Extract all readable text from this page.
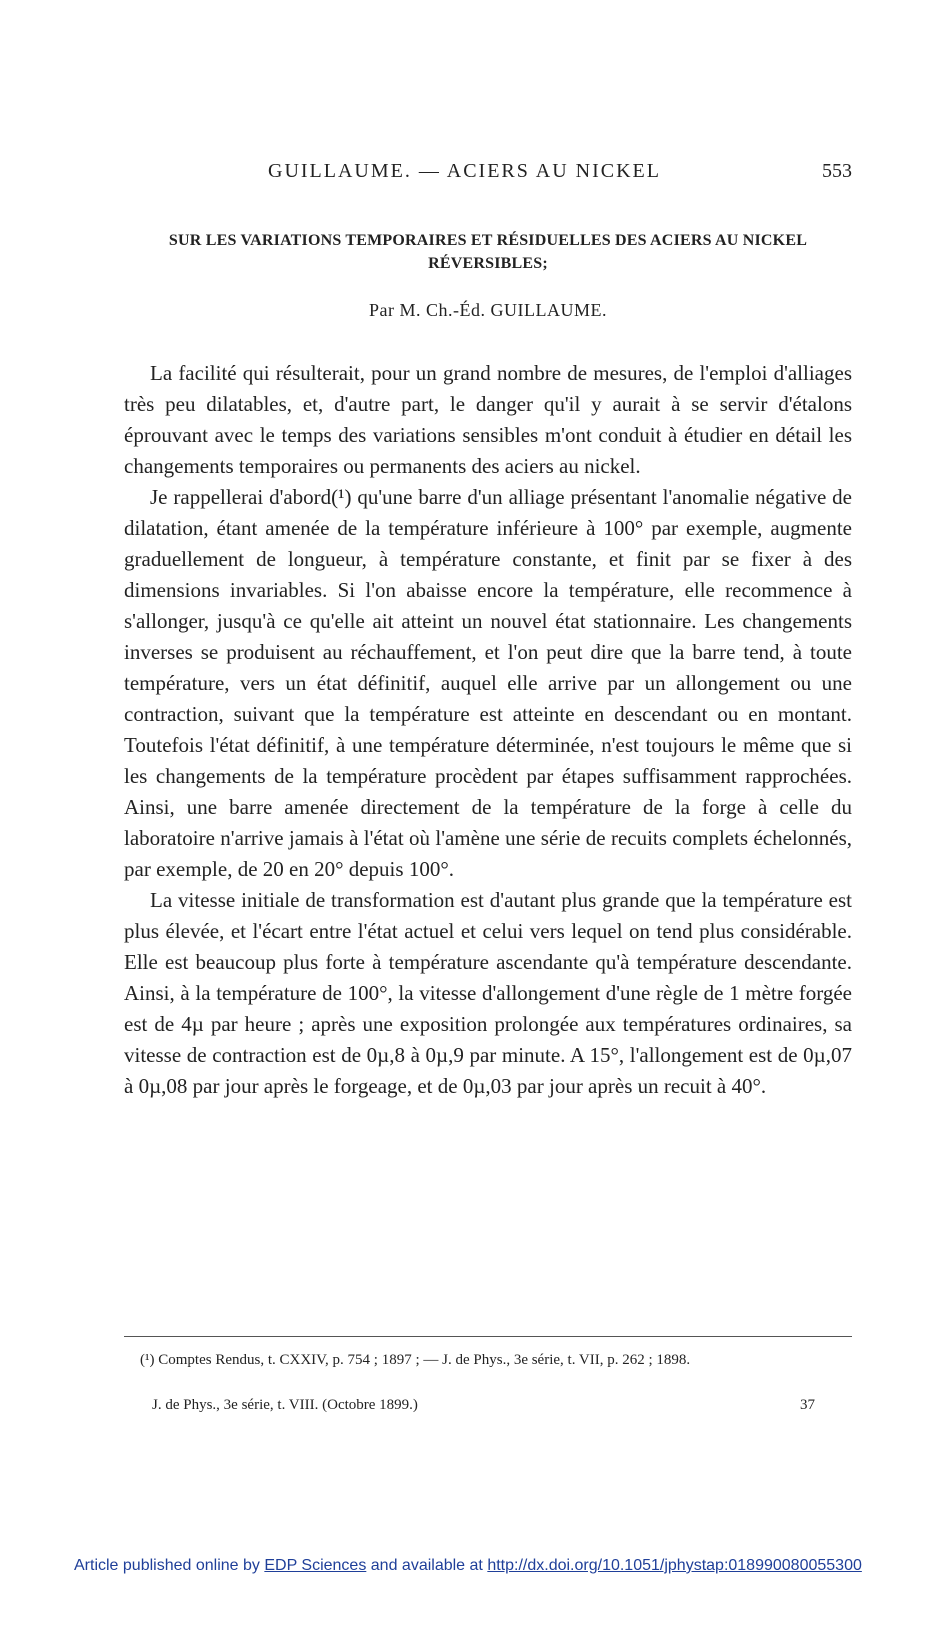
GUILLAUME. — ACIERS AU NICKEL	553
SUR LES VARIATIONS TEMPORAIRES ET RÉSIDUELLES DES ACIERS AU NICKEL RÉVERSIBLES;
Par M. Ch.-Éd. GUILLAUME.

La facilité qui résulterait, pour un grand nombre de mesures, de l'emploi d'alliages très peu dilatables, et, d'autre part, le danger qu'il y aurait à se servir d'étalons éprouvant avec le temps des variations sensibles m'ont conduit à étudier en détail les changements temporaires ou permanents des aciers au nickel.

Je rappellerai d'abord(¹) qu'une barre d'un alliage présentant l'anomalie négative de dilatation, étant amenée de la température inférieure à 100° par exemple, augmente graduellement de longueur, à température constante, et finit par se fixer à des dimensions invariables. Si l'on abaisse encore la température, elle recommence à s'allonger, jusqu'à ce qu'elle ait atteint un nouvel état stationnaire. Les changements inverses se produisent au réchauffement, et l'on peut dire que la barre tend, à toute température, vers un état définitif, auquel elle arrive par un allongement ou une contraction, suivant que la température est atteinte en descendant ou en montant. Toutefois l'état définitif, à une température déterminée, n'est toujours le même que si les changements de la température procèdent par étapes suffisamment rapprochées. Ainsi, une barre amenée directement de la température de la forge à celle du laboratoire n'arrive jamais à l'état où l'amène une série de recuits complets échelonnés, par exemple, de 20 en 20° depuis 100°.

La vitesse initiale de transformation est d'autant plus grande que la température est plus élevée, et l'écart entre l'état actuel et celui vers lequel on tend plus considérable. Elle est beaucoup plus forte à température ascendante qu'à température descendante. Ainsi, à la température de 100°, la vitesse d'allongement d'une règle de 1 mètre forgée est de 4µ par heure ; après une exposition prolongée aux températures ordinaires, sa vitesse de contraction est de 0µ,8 à 0µ,9 par minute. A 15°, l'allongement est de 0µ,07 à 0µ,08 par jour après le forgeage, et de 0µ,03 par jour après un recuit à 40°.

(¹) Comptes Rendus, t. CXXIV, p. 754 ; 1897 ; — J. de Phys., 3e série, t. VII, p. 262 ; 1898.

J. de Phys., 3e série, t. VIII. (Octobre 1899.)	37
Article published online by EDP Sciences and available at http://dx.doi.org/10.1051/jphystap:018990080055300
